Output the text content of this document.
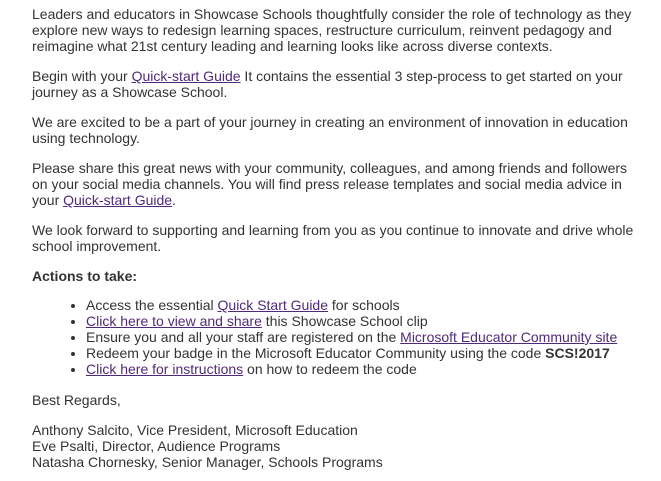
Leaders and educators in Showcase Schools thoughtfully consider the role of technology as they explore new ways to redesign learning spaces, restructure curriculum, reinvent pedagogy and reimagine what 21st century leading and learning looks like across diverse contexts.

Begin with your Quick-start Guide It contains the essential 3 step-process to get started on your journey as a Showcase School.

We are excited to be a part of your journey in creating an environment of innovation in education using technology.

Please share this great news with your community, colleagues, and among friends and followers on your social media channels. You will find press release templates and social media advice in your Quick-start Guide.

We look forward to supporting and learning from you as you continue to innovate and drive whole school improvement.

Actions to take:

• Access the essential Quick Start Guide for schools
• Click here to view and share this Showcase School clip
• Ensure you and all your staff are registered on the Microsoft Educator Community site
• Redeem your badge in the Microsoft Educator Community using the code SCS!2017
• Click here for instructions on how to redeem the code

Best Regards,

Anthony Salcito, Vice President, Microsoft Education
Eve Psalti, Director, Audience Programs
Natasha Chornesky, Senior Manager, Schools Programs
